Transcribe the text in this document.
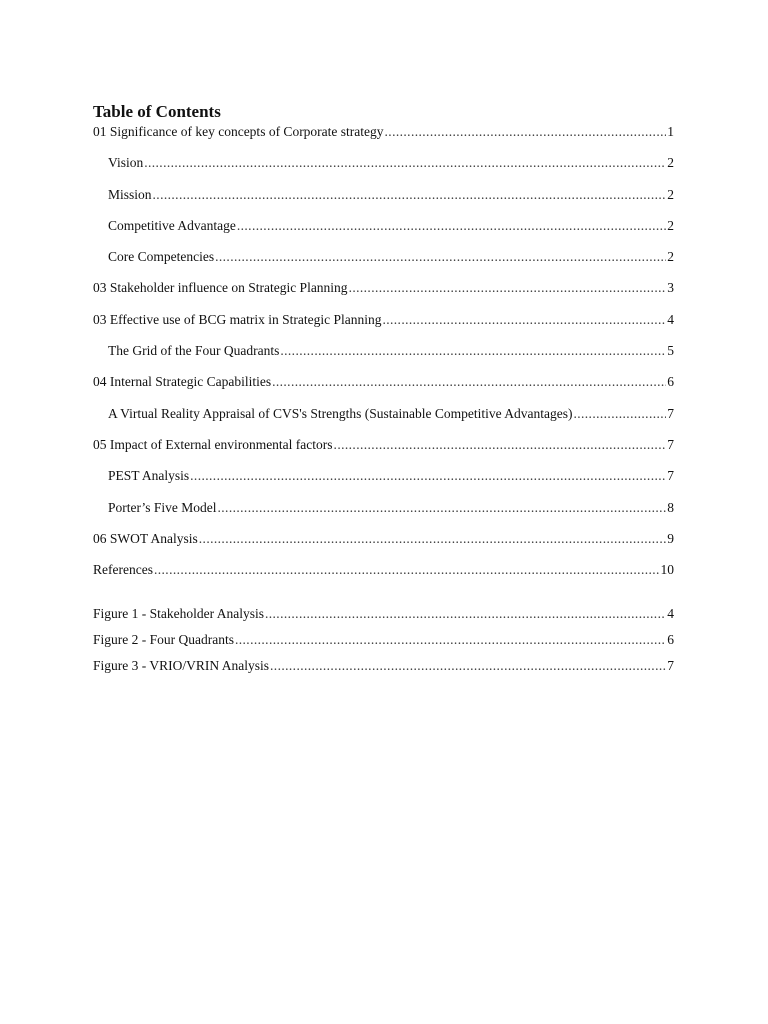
Table of Contents
01 Significance of key concepts of Corporate strategy .....	1
Vision .....	2
Mission .....	2
Competitive Advantage .....	2
Core Competencies .....	2
03 Stakeholder influence on Strategic Planning .....	3
03 Effective use of BCG matrix in Strategic Planning .....	4
The Grid of the Four Quadrants .....	5
04 Internal Strategic Capabilities .....	6
A Virtual Reality Appraisal of CVS's Strengths (Sustainable Competitive Advantages) .....	7
05 Impact of External environmental factors .....	7
PEST Analysis .....	7
Porter’s Five Model .....	8
06 SWOT Analysis .....	9
References .....	10
Figure 1 - Stakeholder Analysis .....	4
Figure 2 - Four Quadrants .....	6
Figure 3 - VRIO/VRIN Analysis .....	7
